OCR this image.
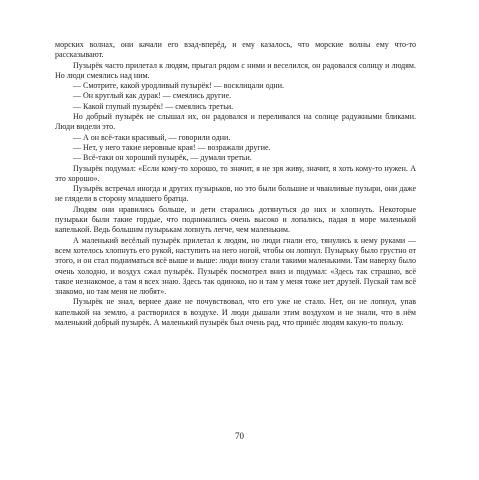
морских волнах, они качали его взад-вперёд, и ему казалось, что морские волны ему что-то рассказывают.

Пузырёк часто прилетал к людям, прыгал рядом с ними и веселился, он радовался солнцу и людям. Но люди смеялись над ним.

— Смотрите, какой уродливый пузырёк! — восклицали одни.

— Он круглый как дурак! — смеялись другие.

— Какой глупый пузырёк! — смеялись третьи.

Но добрый пузырёк не слышал их, он радовался и переливался на солнце радужными бликами. Люди видели это.

— А он всё-таки красивый, — говорили одни.

— Нет, у него такие неровные края! — возражали другие.

— Всё-таки он хороший пузырёк, — думали третьи.

Пузырёк подумал: «Если кому-то хорошо, то значит, я не зря живу, значит, я хоть кому-то нужен. А это хорошо».

Пузырёк встречал иногда и других пузырьков, но это были большие и чванливые пузыри, они даже не глядели в сторону младшего братца.

Людям они нравились больше, и дети старались дотянуться до них и хлопнуть. Некоторые пузырьки были такие гордые, что поднимались очень высоко и лопались, падая в море маленькой капелькой. Ведь большим пузырькам лопнуть легче, чем маленьким.

А маленький весёлый пузырёк прилетал к людям, но люди гнали его, тянулись к нему руками — всем хотелось хлопнуть его рукой, наступить на него ногой, чтобы он лопнул. Пузырьку было грустно от этого, и он стал подниматься всё выше и выше: люди внизу стали такими маленькими. Там наверху было очень холодно, и воздух сжал пузырёк. Пузырёк посмотрел вниз и подумал: «Здесь так страшно, всё такое незнакомое, а там я всех знаю. Здесь так одиноко, но и там у меня тоже нет друзей. Пускай там всё знакомо, но там меня не любят».

Пузырёк не знал, вернее даже не почувствовал, что его уже не стало. Нет, он не лопнул, упав капелькой на землю, а растворился в воздухе. И люди дышали этим воздухом и не знали, что в нём маленький добрый пузырёк. А маленький пузырёк был очень рад, что принёс людям какую-то пользу.

70
